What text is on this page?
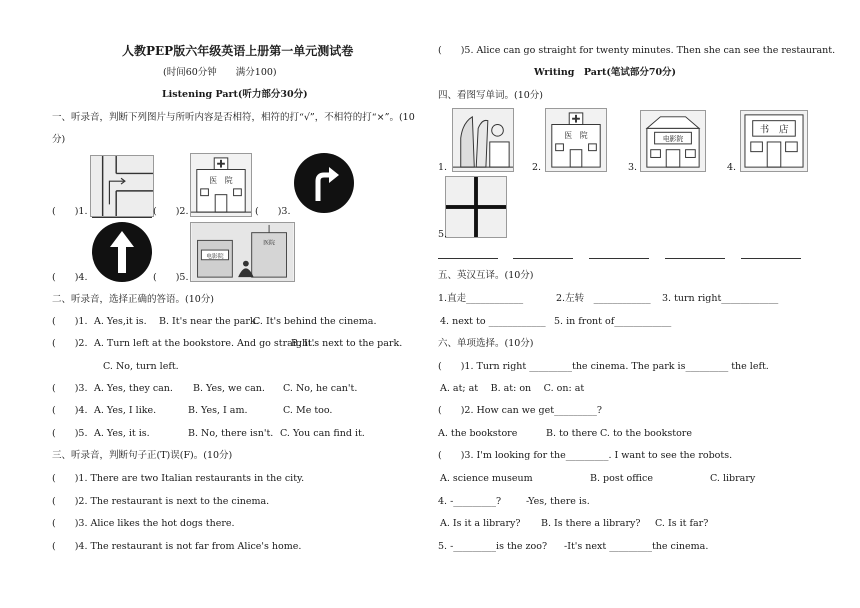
人教PEP版六年级英语上册第一单元测试卷
(时间60分钟　　满分100)
Listening Part(听力部分30分)
一、听录音，判断下列图片与所听内容是否相符，相符的打“√”，不相符的打“×”。(10
分)
医　院
(　　)1.	(　　)2.	(　　)3.
电影院
医院
(　　)4.	(　　)5.
二、听录音，选择正确的答语。(10分)
(　　)1. A. Yes,it is. B. It's near the park.
C. It's behind the cinema.
(　　)2. A. Turn left at the bookstore. And go straight.
B. It's next to the park.
C. No, turn left.
(　　)3. A. Yes, they can. B. Yes, we can. C. No, he can't.
(　　)4. A. Yes, I like.	B. Yes, I am.	C. Me too.
(　　)5. A. Yes, it is.	B. No, there isn't. C. You can find it.
三、听录音，判断句子正(T)误(F)。(10分)
(　　)1. There are two Italian restaurants in the city.
(　　)2. The restaurant is next to the cinema.
(　　)3. Alice likes the hot dogs there.
(　　)4. The restaurant is not far from Alice's home.
(　　)5. Alice can go straight for twenty minutes. Then she can see the restaurant.
Writing　Part(笔试部分70分)
四、看图写单词。(10分)
医　院	电影院
书　店
1.	2.	3.	4.
5.
五、英汉互译。(10分)
1.直走____________	2.左转　____________ 3. turn right____________
4. next to ____________ 5. in front of____________
六、单项选择。(10分)
(　　)1. Turn right _________the cinema. The park is_________ the left.
A. at; at　 B. at: on　 C. on: at
(　　)2. How can we get_________?
A. the bookstore	B. to there C. to the bookstore
(　　)3. I'm looking for the_________. I want to see the robots.
A. science museum	B. post office	C. library
4. -_________?	-Yes, there is.
A. Is it a library? B. Is there a library? C. Is it far?
5. -_________is the zoo? -It's next _________the cinema.
